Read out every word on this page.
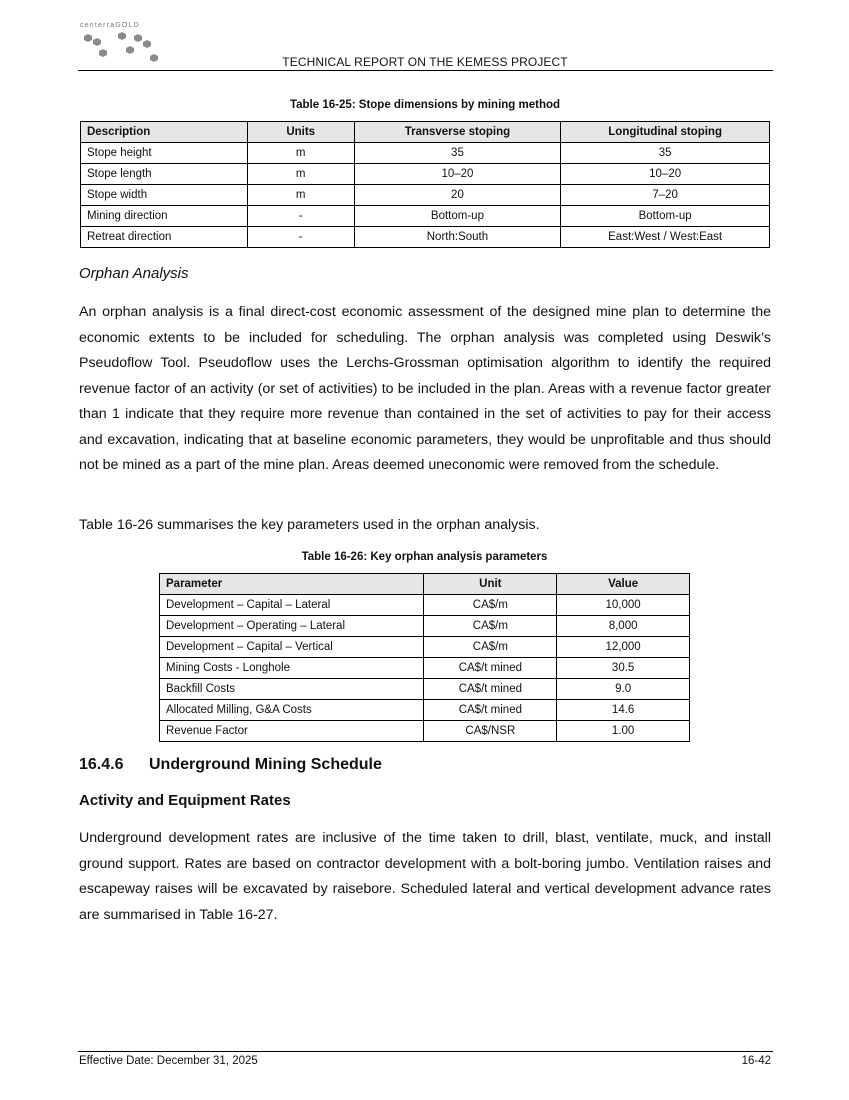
centerraGOLD
TECHNICAL REPORT ON THE KEMESS PROJECT
Table 16-25: Stope dimensions by mining method
Description	Units	Transverse stoping	Longitudinal stoping
Stope height	m	35	35
Stope length	m	10–20	10–20
Stope width	m	20	7–20
Mining direction	-	Bottom-up	Bottom-up
Retreat direction	-	North:South	East:West / West:East
Orphan Analysis

An orphan analysis is a final direct-cost economic assessment of the designed mine plan to determine the economic extents to be included for scheduling. The orphan analysis was completed using Deswik’s Pseudoflow Tool. Pseudoflow uses the Lerchs-Grossman optimisation algorithm to identify the required revenue factor of an activity (or set of activities) to be included in the plan. Areas with a revenue factor greater than 1 indicate that they require more revenue than contained in the set of activities to pay for their access and excavation, indicating that at baseline economic parameters, they would be unprofitable and thus should not be mined as a part of the mine plan. Areas deemed uneconomic were removed from the schedule.

Table 16-26 summarises the key parameters used in the orphan analysis.

Table 16-26: Key orphan analysis parameters
Parameter	Unit	Value
Development – Capital – Lateral	CA$/m	10,000
Development – Operating – Lateral	CA$/m	8,000
Development – Capital – Vertical	CA$/m	12,000
Mining Costs - Longhole	CA$/t mined	30.5
Backfill Costs	CA$/t mined	9.0
Allocated Milling, G&A Costs	CA$/t mined	14.6
Revenue Factor	CA$/NSR	1.00
16.4.6 Underground Mining Schedule
Activity and Equipment Rates

Underground development rates are inclusive of the time taken to drill, blast, ventilate, muck, and install ground support. Rates are based on contractor development with a bolt-boring jumbo. Ventilation raises and escapeway raises will be excavated by raisebore. Scheduled lateral and vertical development advance rates are summarised in Table 16-27.

Effective Date: December 31, 2025	16-42
